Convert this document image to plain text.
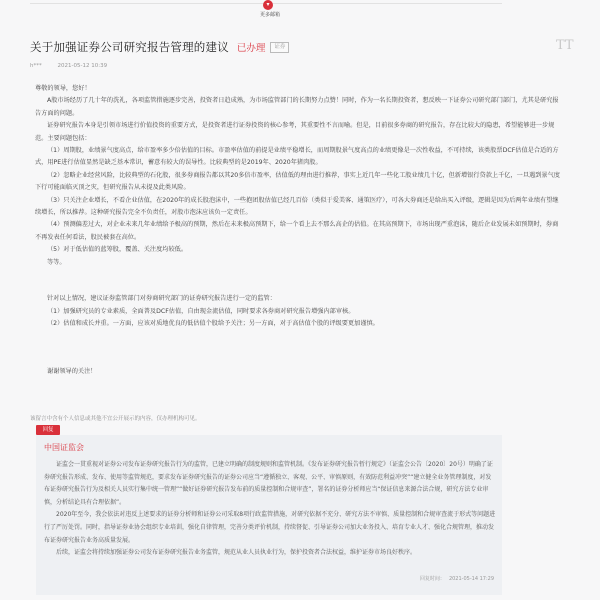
▾
更多邮箱
关于加强证券公司研究报告管理的建议 已办理	证券	TT
h***	2021-05-12 10:39

尊敬的领导，您好！

A股市场经历了几十年的洗礼，各项监管措施逐步完善，投资者日趋成熟，为市场监管部门的长期努力点赞！同时，作为一名长期投资者，想反映一下证券公司研究部门部门，尤其是研究报告方面的问题。

证券研究报告本身是引领市场进行价值投资的重要方式，是投资者进行证券投资的核心参考，其重要性不言而喻。但是，目前很多券商的研究报告，存在比较大的隐患，希望能够进一步规范。主要问题包括：

（1）周期股，业绩景气度高点，给市盈率多少倍估值的目标。市盈率估值的前提是业绩平稳增长，而周期股景气度高点的业绩更像是一次性收益，不可持续，该类股票DCF估值是合适的方式，用PE进行估值显然是缺乏基本常识，蓄意有较大的误导性。比较典型的是2019年、2020年猪肉股。

（2）忽略企业经营风险，比较典型的石化股，很多券商报告都以其20多倍市盈率，估值低的理由进行推荐，事实上近几年一些化工股业绩几十亿，但新增银行贷款上千亿，一旦遇到景气度下行可能面临灭顶之灾，但研究报告从未提及此类风险。

（3）只关注企业增长，不看企业估值，在2020年的成长股泡沫中，一些抱团股估值已经几百倍（类似于爱美客、通策医疗），可各大券商还是给出买入评级，逻辑是因为后两年业绩有望继续增长，所以推荐。这种研究报告完全不负责任，对股市泡沫应该负一定责任。

（4）预测偏差过大，对企业未来几年业绩给予极高的预期，然后在未来极高预期下，给一个看上去不那么高企的估值。在其高预期下，市场出现严重泡沫，随后企业发展未如预期时，券商不再发表任何看法，股民被套在高位。

（5）对于低估值的蓝筹股，覆盖、关注度均较低。

等等。

针对以上情况，建议证券监管部门对券商研究部门的证券研究报告进行一定的监管：

（1）加强研究员的专业素质，全面普及DCF估值，自由现金流估值，同时要求各券商对研究报告增强内部审核。

（2）估值和成长并重。一方面，应该对质地优良的低估值个股给予关注；另一方面，对于高估值个股的评级要更加谨慎。

谢谢领导的关注！

该留言中含有个人信息或其他不宜公开展示的内容，仅办理机构可见。
回复
中国证监会

证监会一贯重视对证券公司发布证券研究报告行为的监管，已建立明确的制度规则和监管机制。《发布证券研究报告暂行规定》（证监会公告〔2020〕20号）明确了证券研究报告形成、发布、使用等监管规范，要求发布证券研究报告的证券公司应当“遵循独立、客观、公平、审慎原则，有效防范利益冲突”“建立健全业务管理制度，对发布证券研究报告行为及相关人员实行集中统一管理”“做好证券研究报告发布前的质量控制和合规审查”，署名的证券分析师应当“保证信息来源合法合规，研究方法专业审慎，分析结论具有合理依据”。

2020年至今，我会依法对违反上述要求的证券分析师和证券公司采取8项行政监管措施，对研究依据不充分、研究方法不审慎、质量控制和合规审查流于形式等问题进行了严厉处罚。同时，指导证券业协会组织专业培训，强化自律管理，完善分类评价机制，持续督促、引导证券公司加大业务投入、培育专业人才、强化合规管理，推动发布证券研究报告业务高质量发展。

后续，证监会将持续加强证券公司发布证券研究报告业务监管，规范从业人员执业行为，保护投资者合法权益，维护证券市场良好秩序。

回复时间： 2021-05-14 17:29
